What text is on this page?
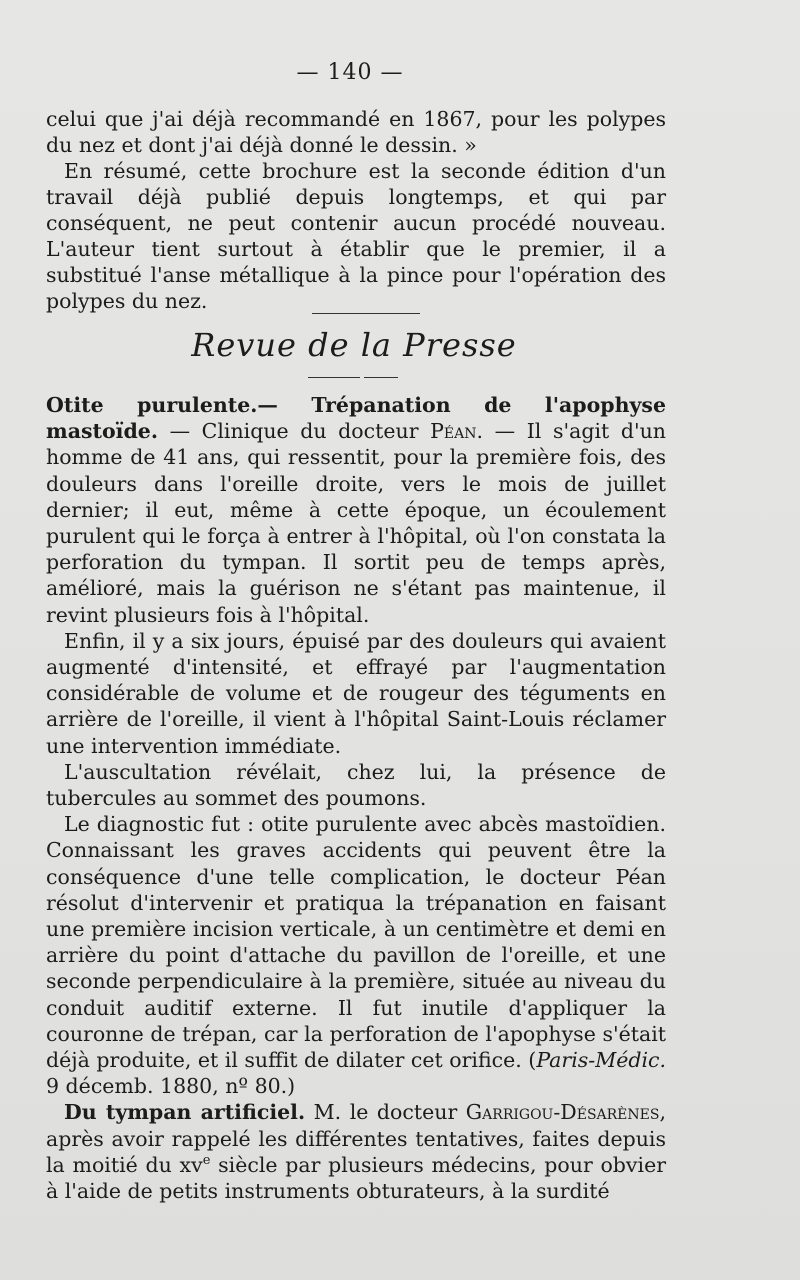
— 140 —

celui que j'ai déjà recommandé en 1867, pour les polypes du nez et dont j'ai déjà donné le dessin. »

En résumé, cette brochure est la seconde édition d'un travail déjà publié depuis longtemps, et qui par conséquent, ne peut contenir aucun procédé nouveau. L'auteur tient surtout à établir que le premier, il a substitué l'anse métallique à la pince pour l'opération des polypes du nez.

Revue de la Presse

Otite purulente.— Trépanation de l'apophyse mastoïde. — Clinique du docteur Péan. — Il s'agit d'un homme de 41 ans, qui ressentit, pour la première fois, des douleurs dans l'oreille droite, vers le mois de juillet dernier; il eut, même à cette époque, un écoulement purulent qui le força à entrer à l'hôpital, où l'on constata la perforation du tympan. Il sortit peu de temps après, amélioré, mais la guérison ne s'étant pas maintenue, il revint plusieurs fois à l'hôpital.

Enfin, il y a six jours, épuisé par des douleurs qui avaient augmenté d'intensité, et effrayé par l'augmentation considérable de volume et de rougeur des téguments en arrière de l'oreille, il vient à l'hôpital Saint-Louis réclamer une intervention immédiate.

L'auscultation révélait, chez lui, la présence de tubercules au sommet des poumons.

Le diagnostic fut : otite purulente avec abcès mastoïdien. Connaissant les graves accidents qui peuvent être la conséquence d'une telle complication, le docteur Péan résolut d'intervenir et pratiqua la trépanation en faisant une première incision verticale, à un centimètre et demi en arrière du point d'attache du pavillon de l'oreille, et une seconde perpendiculaire à la première, située au niveau du conduit auditif externe. Il fut inutile d'appliquer la couronne de trépan, car la perforation de l'apophyse s'était déjà produite, et il suffit de dilater cet orifice. (Paris-Médic. 9 décemb. 1880, nº 80.)

Du tympan artificiel. M. le docteur Garrigou-Désarènes, après avoir rappelé les différentes tentatives, faites depuis la moitié du $xv^e$ siècle par plusieurs médecins, pour obvier à l'aide de petits instruments obturateurs, à la surdité
